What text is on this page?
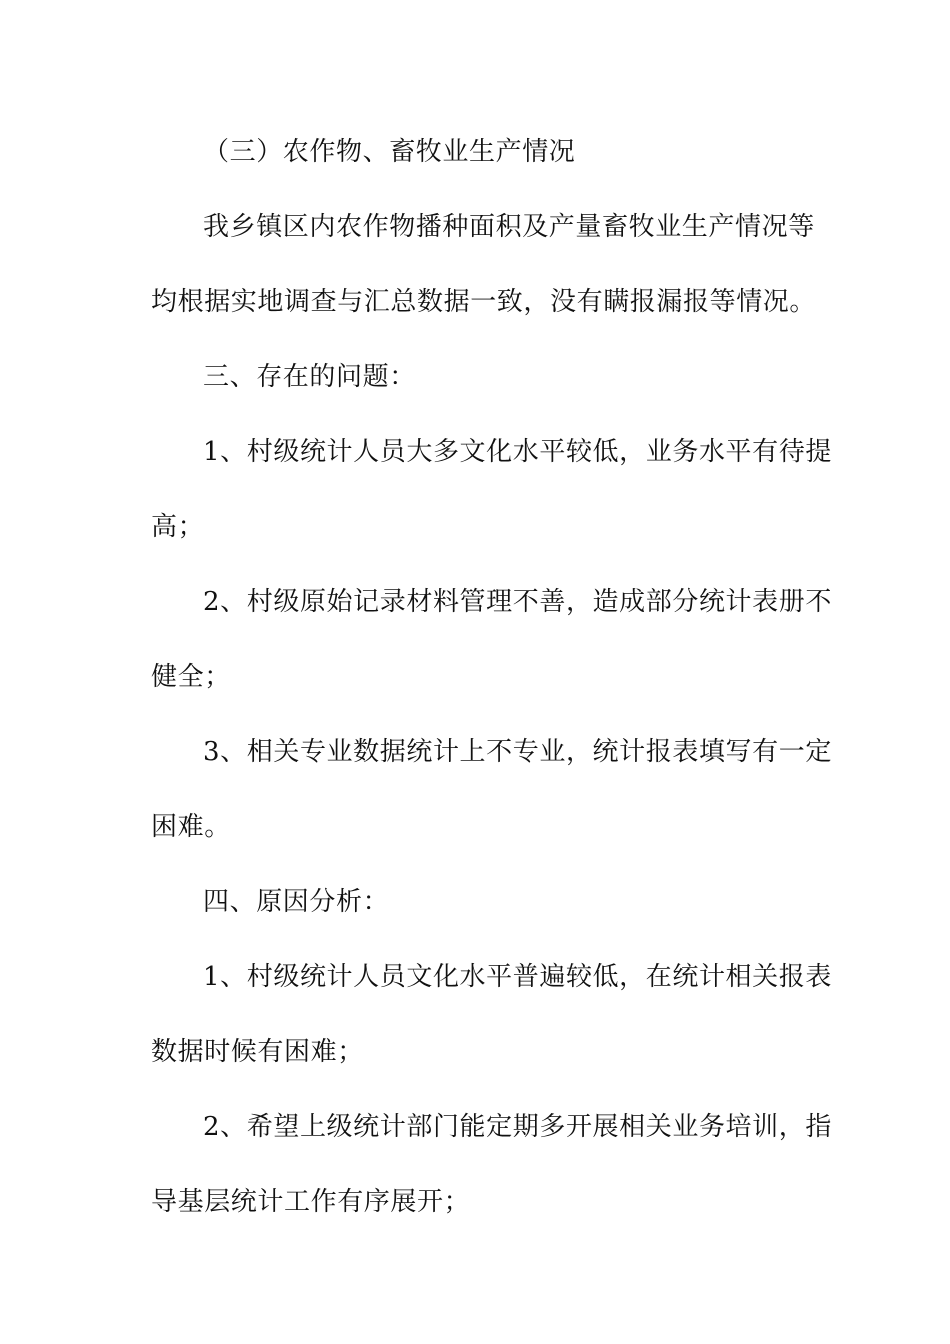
（三）农作物、畜牧业生产情况
我乡镇区内农作物播种面积及产量畜牧业生产情况等
均根据实地调查与汇总数据一致，没有瞒报漏报等情况。
三、存在的问题：
1、村级统计人员大多文化水平较低，业务水平有待提
高；
2、村级原始记录材料管理不善，造成部分统计表册不
健全；
3、相关专业数据统计上不专业，统计报表填写有一定
困难。
四、原因分析：
1、村级统计人员文化水平普遍较低，在统计相关报表
数据时候有困难；
2、希望上级统计部门能定期多开展相关业务培训，指
导基层统计工作有序展开；
